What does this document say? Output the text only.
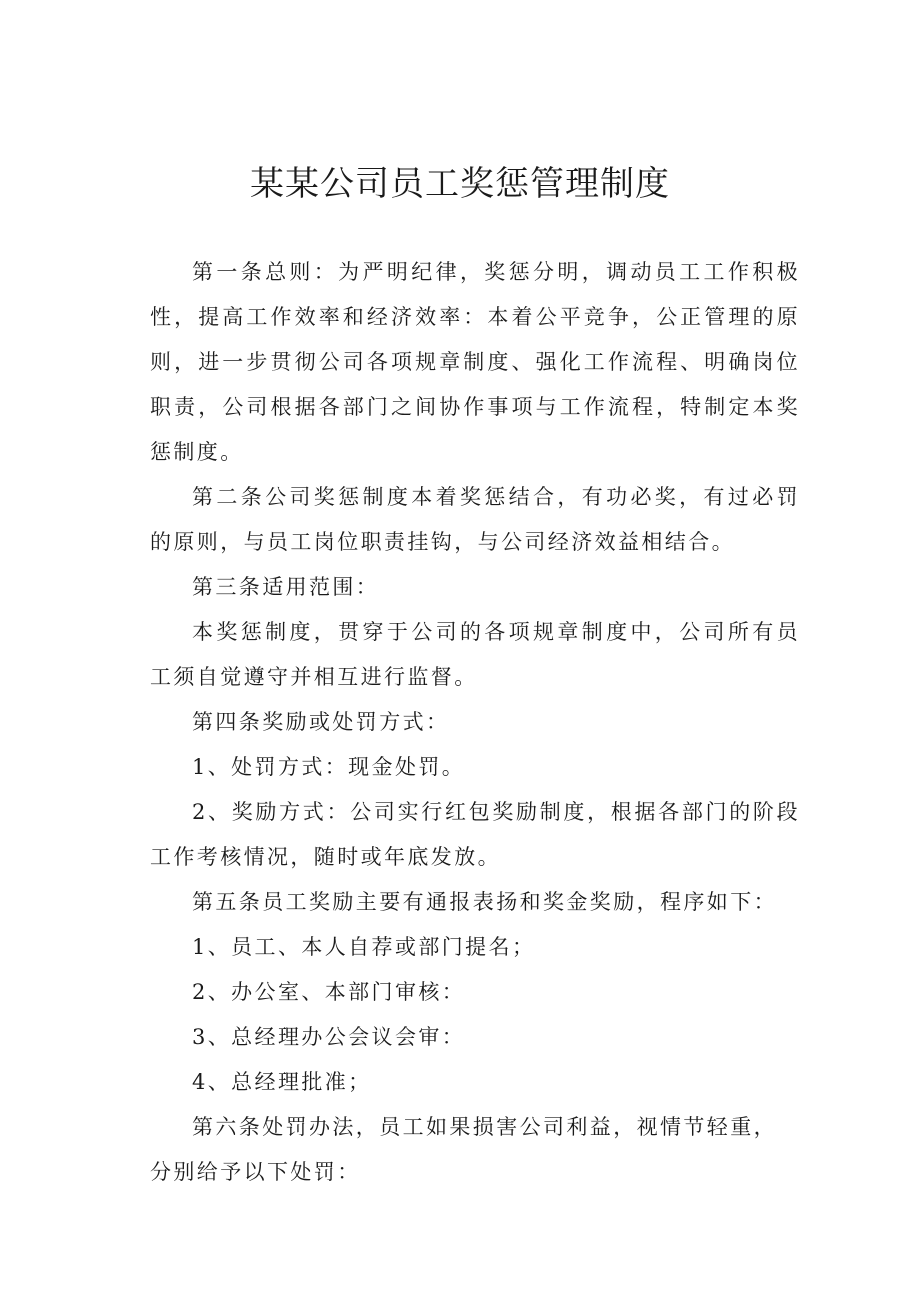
某某公司员工奖惩管理制度

第一条总则：为严明纪律，奖惩分明，调动员工工作积极性，提高工作效率和经济效率：本着公平竞争，公正管理的原则，进一步贯彻公司各项规章制度、强化工作流程、明确岗位职责，公司根据各部门之间协作事项与工作流程，特制定本奖惩制度。

第二条公司奖惩制度本着奖惩结合，有功必奖，有过必罚的原则，与员工岗位职责挂钩，与公司经济效益相结合。

第三条适用范围：

本奖惩制度，贯穿于公司的各项规章制度中，公司所有员工须自觉遵守并相互进行监督。

第四条奖励或处罚方式：

1、处罚方式：现金处罚。

2、奖励方式：公司实行红包奖励制度，根据各部门的阶段工作考核情况，随时或年底发放。

第五条员工奖励主要有通报表扬和奖金奖励，程序如下：

1、员工、本人自荐或部门提名；

2、办公室、本部门审核：

3、总经理办公会议会审：

4、总经理批准；

第六条处罚办法，员工如果损害公司利益，视情节轻重，

分别给予以下处罚：
